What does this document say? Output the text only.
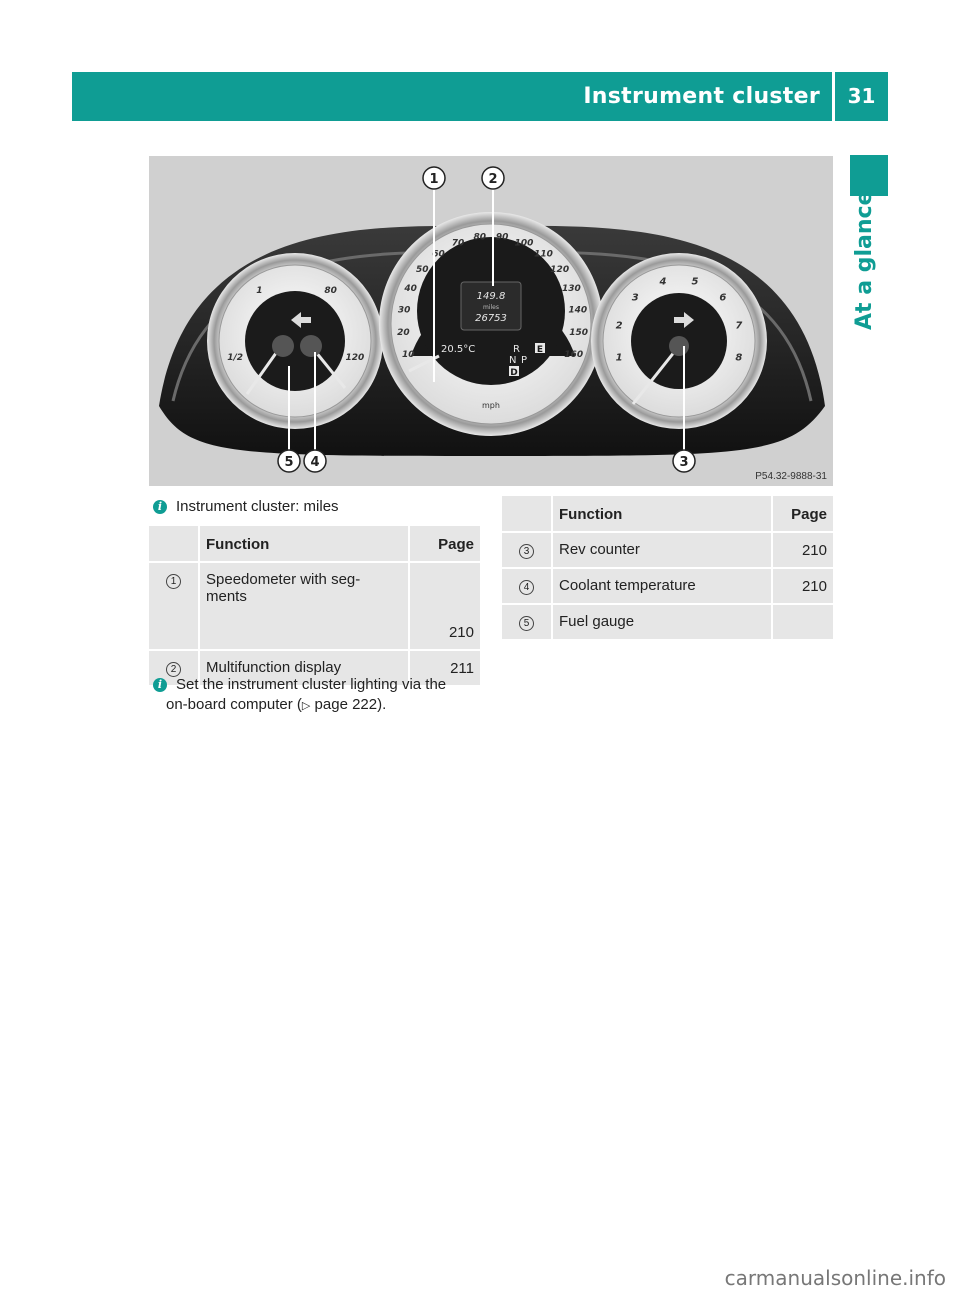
Instrument cluster	31
At a glance
1/2
1	80
120	10
20
30
40
50
60
70
80 90
100
110
120
130
140
150
160
149.8
miles
26753
20.5°C	R
N P
D
E
mph
1
2
3
4	5
6
7
8
1	2
3
4
5
P54.32-9888-31
i Instrument cluster: miles
	Function	Page
1	Speedometer with seg-
ments	210
2	Multifunction display	211
i Set the instrument cluster lighting via the
on-board computer (▷ page 222).
	Function	Page
3	Rev counter	210
4	Coolant temperature	210
5	Fuel gauge	
carmanualsonline.info
